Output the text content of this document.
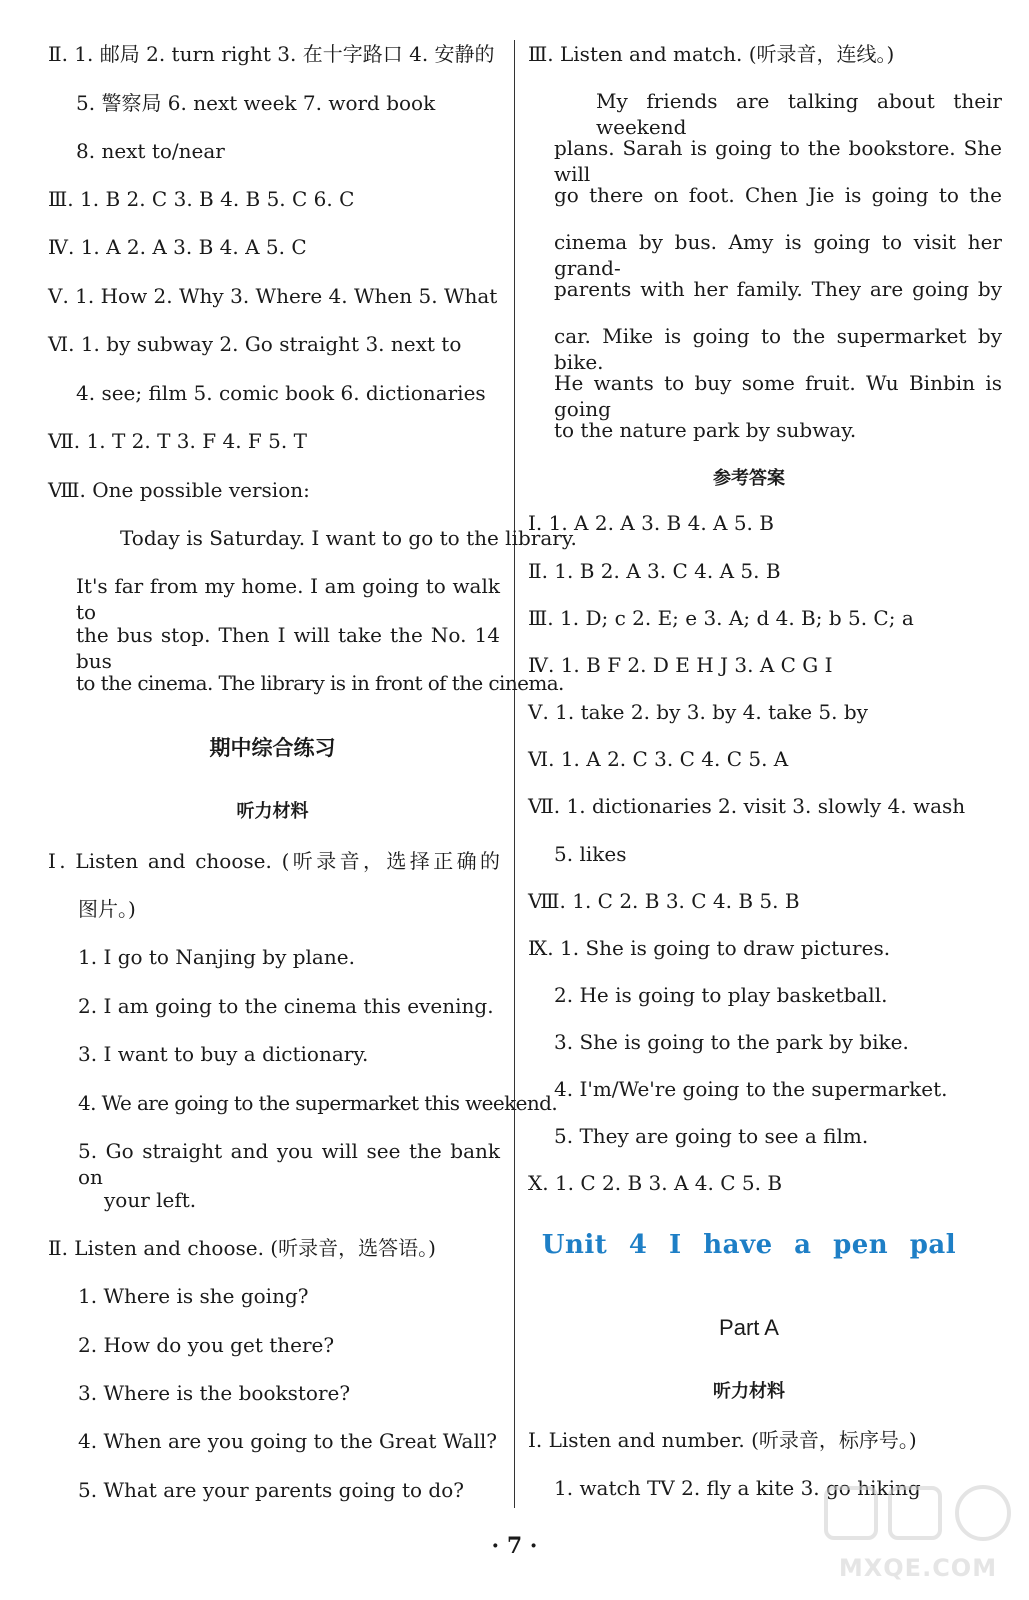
Ⅱ. 1. 邮局 2. turn right 3. 在十字路口 4. 安静的
5. 警察局 6. next week 7. word book
8. next to/near
Ⅲ. 1. B 2. C 3. B 4. B 5. C 6. C
Ⅳ. 1. A 2. A 3. B 4. A 5. C
Ⅴ. 1. How 2. Why 3. Where 4. When 5. What
Ⅵ. 1. by subway 2. Go straight 3. next to
4. see; film 5. comic book 6. dictionaries
Ⅶ. 1. T 2. T 3. F 4. F 5. T
Ⅷ. One possible version:
Today is Saturday. I want to go to the library.
It's far from my home. I am going to walk to
the bus stop. Then I will take the No. 14 bus
to the cinema. The library is in front of the cinema.
期中综合练习
听力材料
Ⅰ. Listen and choose. (听录音，选择正确的
图片。)
1. I go to Nanjing by plane.
2. I am going to the cinema this evening.
3. I want to buy a dictionary.
4. We are going to the supermarket this weekend.
5. Go straight and you will see the bank on
your left.
Ⅱ. Listen and choose. (听录音，选答语。)
1. Where is she going?
2. How do you get there?
3. Where is the bookstore?
4. When are you going to the Great Wall?
5. What are your parents going to do?
Ⅲ. Listen and match. (听录音，连线。)
My friends are talking about their weekend
plans. Sarah is going to the bookstore. She will
go there on foot. Chen Jie is going to the
cinema by bus. Amy is going to visit her grand-
parents with her family. They are going by
car. Mike is going to the supermarket by bike.
He wants to buy some fruit. Wu Binbin is going
to the nature park by subway.
参考答案
Ⅰ. 1. A 2. A 3. B 4. A 5. B
Ⅱ. 1. B 2. A 3. C 4. A 5. B
Ⅲ. 1. D; c 2. E; e 3. A; d 4. B; b 5. C; a
Ⅳ. 1. B F 2. D E H J 3. A C G I
Ⅴ. 1. take 2. by 3. by 4. take 5. by
Ⅵ. 1. A 2. C 3. C 4. C 5. A
Ⅶ. 1. dictionaries 2. visit 3. slowly 4. wash
5. likes
Ⅷ. 1. C 2. B 3. C 4. B 5. B
Ⅸ. 1. She is going to draw pictures.
2. He is going to play basketball.
3. She is going to the park by bike.
4. I'm/We're going to the supermarket.
5. They are going to see a film.
Ⅹ. 1. C 2. B 3. A 4. C 5. B
Unit 4 I have a pen pal
Part A
听力材料
Ⅰ. Listen and number. (听录音，标序号。)
1. watch TV 2. fly a kite 3. go hiking
· 7 ·
MXQE.COM
